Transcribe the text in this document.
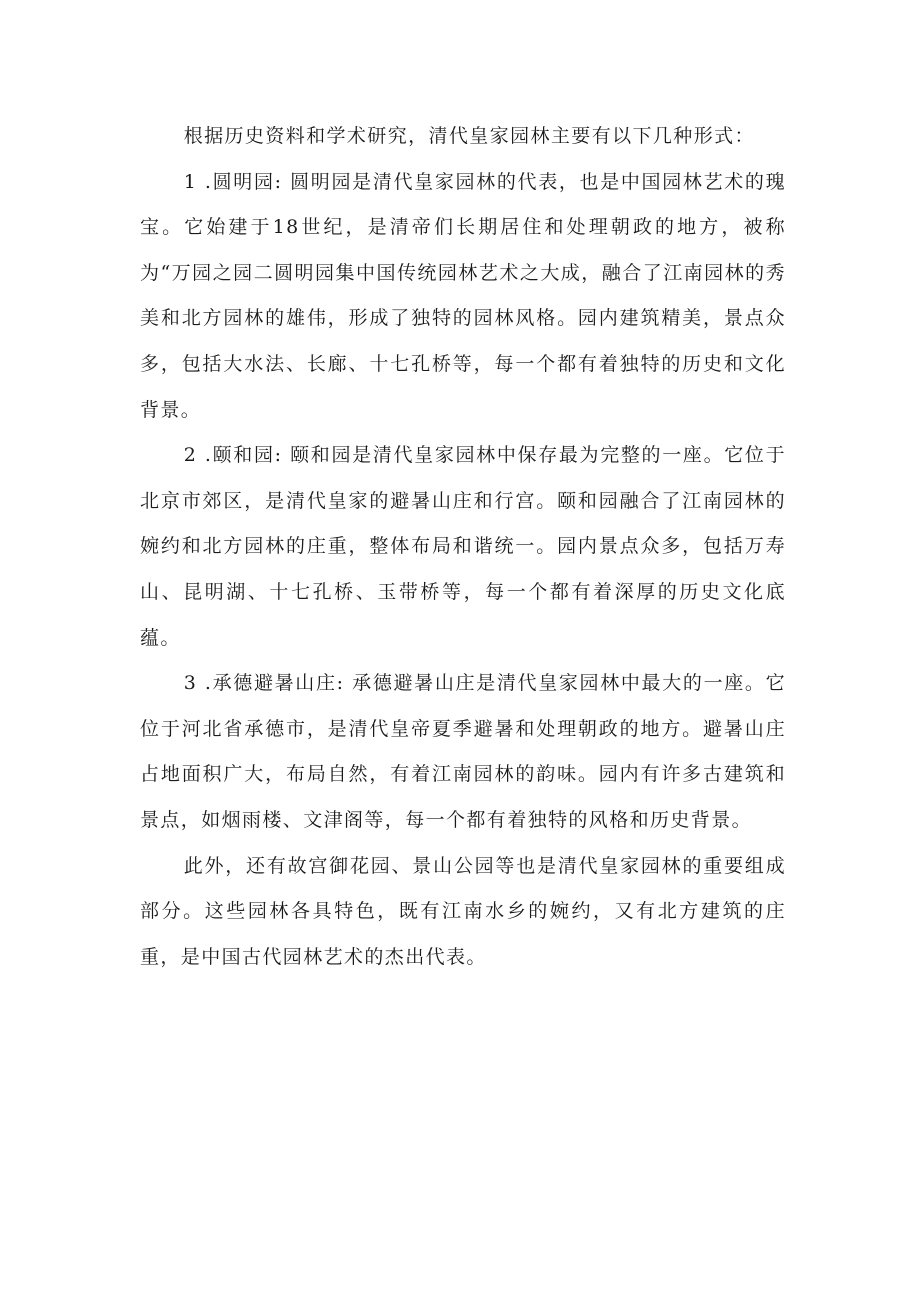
根据历史资料和学术研究，清代皇家园林主要有以下几种形式：

1 .圆明园: 圆明园是清代皇家园林的代表，也是中国园林艺术的瑰宝。它始建于18世纪，是清帝们长期居住和处理朝政的地方，被称为“万园之园二圆明园集中国传统园林艺术之大成，融合了江南园林的秀美和北方园林的雄伟，形成了独特的园林风格。园内建筑精美，景点众多，包括大水法、长廊、十七孔桥等，每一个都有着独特的历史和文化背景。

2 .颐和园: 颐和园是清代皇家园林中保存最为完整的一座。它位于北京市郊区，是清代皇家的避暑山庄和行宫。颐和园融合了江南园林的婉约和北方园林的庄重，整体布局和谐统一。园内景点众多，包括万寿山、昆明湖、十七孔桥、玉带桥等，每一个都有着深厚的历史文化底蕴。

3 .承德避暑山庄: 承德避暑山庄是清代皇家园林中最大的一座。它位于河北省承德市，是清代皇帝夏季避暑和处理朝政的地方。避暑山庄占地面积广大，布局自然，有着江南园林的韵味。园内有许多古建筑和景点，如烟雨楼、文津阁等，每一个都有着独特的风格和历史背景。

此外，还有故宫御花园、景山公园等也是清代皇家园林的重要组成部分。这些园林各具特色，既有江南水乡的婉约，又有北方建筑的庄重，是中国古代园林艺术的杰出代表。
